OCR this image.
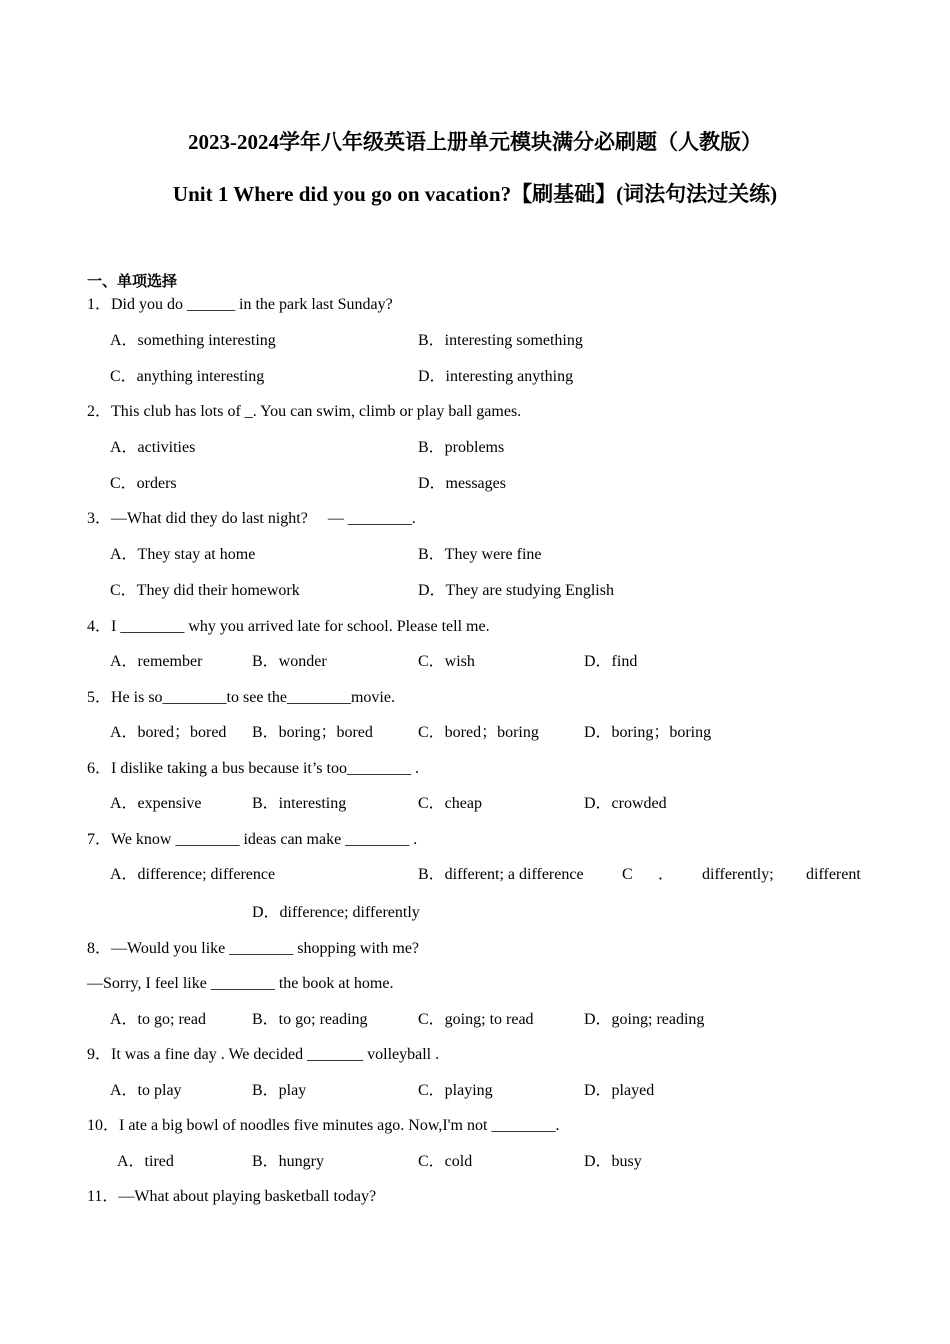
2023-2024学年八年级英语上册单元模块满分必刷题（人教版）
Unit 1 Where did you go on vacation?【刷基础】(词法句法过关练)
一、单项选择
1．Did you do ______ in the park last Sunday?
A．something interesting	B．interesting something
C．anything interesting	D．interesting anything
2．This club has lots of _. You can swim, climb or play ball games.
A．activities	B．problems
C．orders	D．messages
3．—What did they do last night?　 — ________.
A．They stay at home	B．They were fine
C．They did their homework	D．They are studying English
4．I ________ why you arrived late for school. Please tell me.
A．remember	B．wonder	C．wish	D．find
5．He is so________to see the________movie.
A．bored；bored B．boring；bored	C．bored；boring	D．boring；boring
6．I dislike taking a bus because it’s too________ .
A．expensive	B．interesting	C．cheap	D．crowded
7．We know ________ ideas can make ________ .
A．difference; difference	B．different; a difference C ． differently; different
D．difference; differently
8．—Would you like ________ shopping with me?
—Sorry, I feel like ________ the book at home.
A．to go; read	B．to go; reading	C．going; to read	D．going; reading
9．It was a fine day . We decided _______ volleyball .
A．to play	B．play	C．playing	D．played
10．I ate a big bowl of noodles five minutes ago. Now,I'm not ________.
A．tired	B．hungry	C．cold	D．busy
11．—What about playing basketball today?
